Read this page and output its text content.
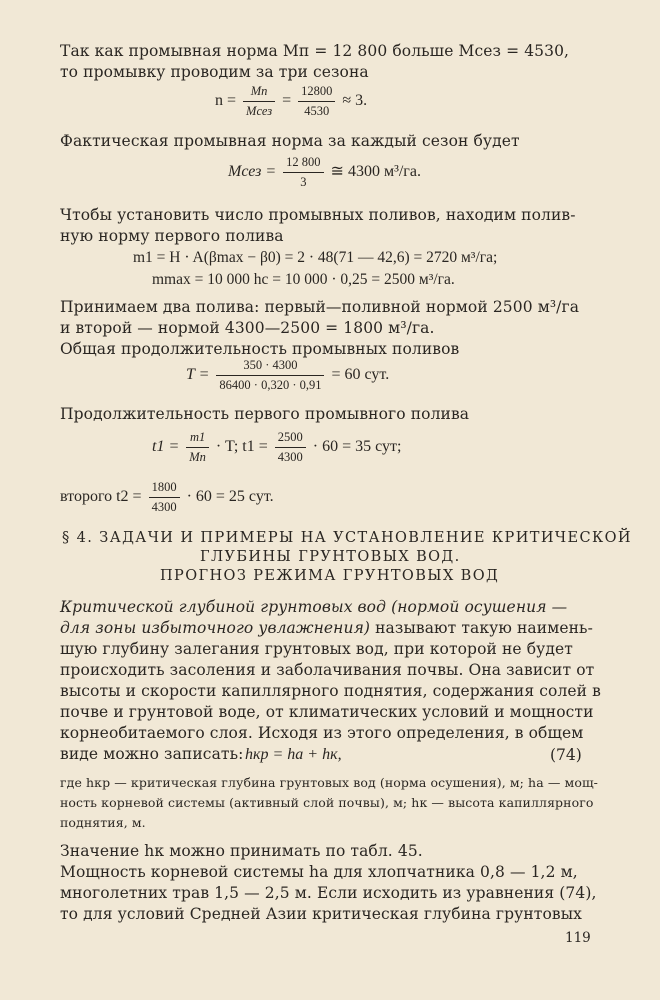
Так как промывная норма Mп = 12 800 больше Mсез = 4530,
то промывку проводим за три сезона
$n = \frac{Mп}{\text{Mсез}} = \frac{12800}{4530} \approx 3$.
Фактическая промывная норма за каждый сезон будет
Mсез = $\frac{12 800}{3}$ ≅ 4300 м³/га.
Чтобы установить число промывных поливов, находим полив-
ную норму первого полива
m1 = H · A(βmax − β0) = 2 · 48(71 — 42,6) = 2720 м³/га;
mmax = 10 000 hc = 10 000 · 0,25 = 2500 м³/га.
Принимаем два полива: первый—поливной нормой 2500 м³/га
и второй — нормой 4300—2500 = 1800 м³/га.
Общая продолжительность промывных поливов
$T = \frac{350 \cdot 4300}{86400 \cdot 0,320 \cdot 0,91} = 60$ сут.
Продолжительность первого промывного полива
$t1 = \frac{m1}{Mп} \cdot T$; $t1 = \frac{2500}{4300} \cdot 60 = 35$ сут;
второго $t2 = \frac{1800}{4300} \cdot 60 = 25$ сут.
§ 4. ЗАДАЧИ И ПРИМЕРЫ НА УСТАНОВЛЕНИЕ КРИТИЧЕСКОЙ
ГЛУБИНЫ ГРУНТОВЫХ ВОД.
ПРОГНОЗ РЕЖИМА ГРУНТОВЫХ ВОД
Критической глубиной грунтовых вод (нормой осушения —
для зоны избыточного увлажнения) называют такую наимень-
шую глубину залегания грунтовых вод, при которой не будет
происходить засоления и заболачивания почвы. Она зависит от
высоты и скорости капиллярного поднятия, содержания солей в
почве и грунтовой воде, от климатических условий и мощности
корнеобитаемого слоя. Исходя из этого определения, в общем
виде можно записать: hкр = hа + hк,	(74)
где hкр — критическая глубина грунтовых вод (норма осушения), м; hа — мощ-
ность корневой системы (активный слой почвы), м; hк — высота капиллярного
поднятия, м.
Значение hк можно принимать по табл. 45.
Мощность корневой системы hа для хлопчатника 0,8 — 1,2 м,
многолетних трав 1,5 — 2,5 м. Если исходить из уравнения (74),
то для условий Средней Азии критическая глубина грунтовых
119
